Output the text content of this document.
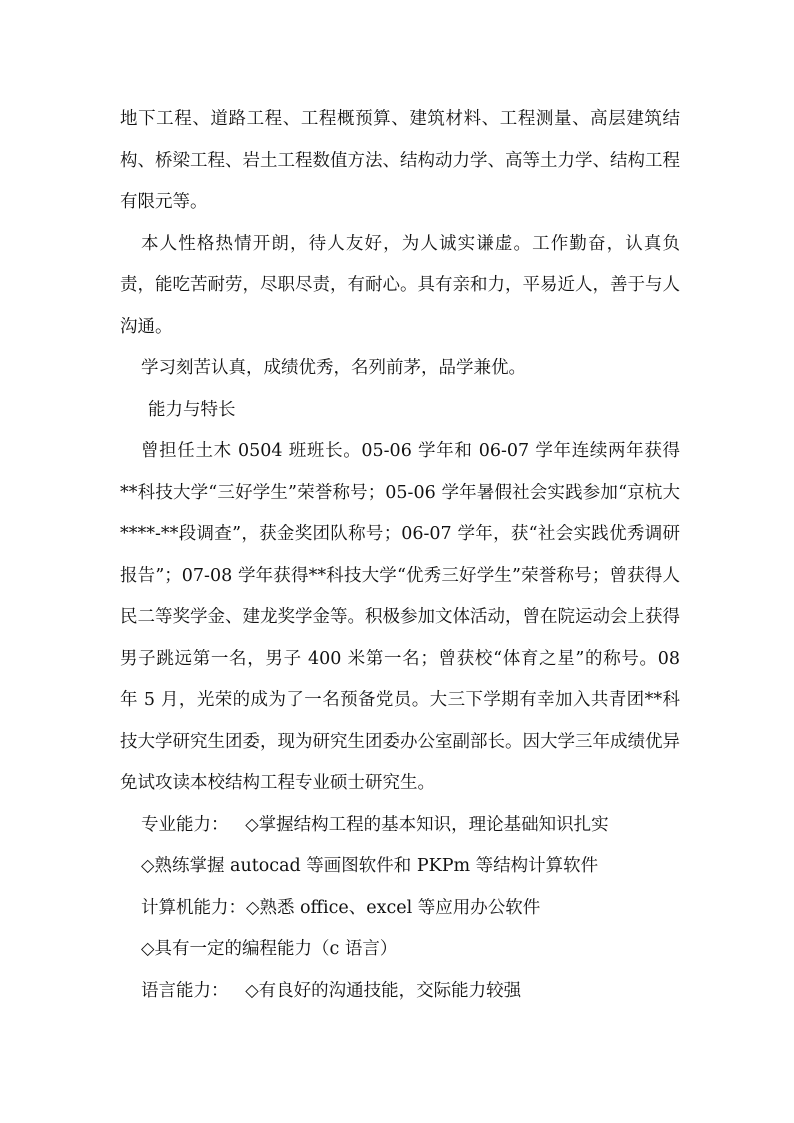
地下工程、道路工程、工程概预算、建筑材料、工程测量、高层建筑结构、桥梁工程、岩土工程数值方法、结构动力学、高等土力学、结构工程有限元等。

本人性格热情开朗，待人友好，为人诚实谦虚。工作勤奋，认真负责，能吃苦耐劳，尽职尽责，有耐心。具有亲和力，平易近人，善于与人沟通。

学习刻苦认真，成绩优秀，名列前茅，品学兼优。

能力与特长

曾担任土木 0504 班班长。05-06 学年和 06-07 学年连续两年获得**科技大学“三好学生”荣誉称号；05-06 学年暑假社会实践参加“京杭大****-**段调查”，获金奖团队称号；06-07 学年，获“社会实践优秀调研报告”；07-08 学年获得**科技大学“优秀三好学生”荣誉称号；曾获得人民二等奖学金、建龙奖学金等。积极参加文体活动，曾在院运动会上获得男子跳远第一名，男子 400 米第一名；曾获校“体育之星”的称号。08 年 5 月，光荣的成为了一名预备党员。大三下学期有幸加入共青团**科技大学研究生团委，现为研究生团委办公室副部长。因大学三年成绩优异免试攻读本校结构工程专业硕士研究生。

专业能力：   ◇掌握结构工程的基本知识，理论基础知识扎实

◇熟练掌握 autocad 等画图软件和 PKPm 等结构计算软件

计算机能力：◇熟悉 office、excel 等应用办公软件

◇具有一定的编程能力（c 语言）

语言能力：   ◇有良好的沟通技能，交际能力较强
